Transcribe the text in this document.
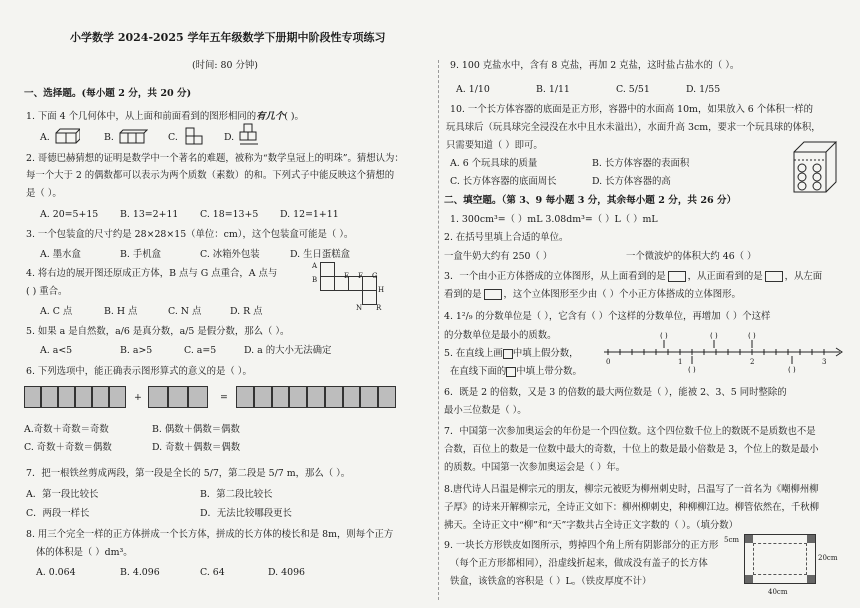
小学数学 2024-2025 学年五年级数学下册期中阶段性专项练习
(时间: 80 分钟)
一、选择题。(每小题 2 分，共 20 分)
1. 下面 4 个几何体中，从上面和前面看到的图形相同的有几个( )。
A.	B.	C.	D.
2. 哥德巴赫猜想的证明是数学中一个著名的难题，被称为“数学皇冠上的明珠”。猜想认为：
每一个大于 2 的偶数都可以表示为两个质数（素数）的和。下列式子中能反映这个猜想的
是（ ）。
A. 20=5+15 B. 13=2+11 C. 18=13+5 D. 12=1+11
3. 一个包装盒的尺寸约是 28×28×15（单位：cm），这个包装盒可能是（ ）。
A. 墨水盒	B. 手机盒	C. 冰箱外包装	D. 生日蛋糕盒
4. 将右边的展开图还原成正方体，B 点与 G 点重合，A 点与
( ) 重合。
A. C 点	B. H 点	C. N 点	D. R 点
A
B	E F G
H
N R
5. 如果 a 是自然数，a/6 是真分数，a/5 是假分数，那么（ ）。
A. a<5	B. a>5	C. a=5	D. a 的大小无法确定
6. 下列选项中，能正确表示图形算式的意义的是（ ）。
+	=
A.奇数＋奇数＝奇数	B. 偶数＋偶数＝偶数
C. 奇数＋奇数＝偶数	D. 奇数＋偶数＝偶数
7．把一根铁丝剪成两段，第一段是全长的 5/7，第二段是 5/7 m，那么（ ）。
A．第一段比较长	B．第二段比较长
C．两段一样长	D．无法比较哪段更长
8. 用三个完全一样的正方体拼成一个长方体，拼成的长方体的棱长和是 8m，则每个正方
体的体积是（ ）dm³。
A. 0.064	B. 4.096	C. 64	D. 4096
9. 100 克盐水中，含有 8 克盐，再加 2 克盐，这时盐占盐水的（ ）。
A. 1/10	B. 1/11	C. 5/51	D. 1/55
10. 一个长方体容器的底面是正方形，容器中的水面高 10m，如果放入 6 个体积一样的
玩具球后（玩具球完全浸没在水中且水未溢出），水面升高 3cm，要求一个玩具球的体积，
只需要知道（ ）即可。
A. 6 个玩具球的质量	B. 长方体容器的表面积
C. 长方体容器的底面周长	D. 长方体容器的高
二、填空题。（第 3、9 每小题 3 分，其余每小题 2 分，共 26 分）
1. 300cm³=（ ）mL 3.08dm³=（ ）L（ ）mL
2. 在括号里填上合适的单位。
一盒牛奶大约有 250（ ）	一个微波炉的体积大约 46（ ）
3．一个由小正方体搭成的立体图形，从上面看到的是 ，从正面看到的是 ，从左面
看到的是 ，这个立体图形至少由（ ）个小正方体搭成的立体图形。
4. 1²/₉ 的分数单位是（ ），它含有（ ）个这样的分数单位，再增加（ ）个这样
的分数单位是最小的质数。
5. 在直线上画 中填上假分数，
在直线下面的 中填上带分数。
( )	( )	( )
( )	( )
0	1	2	3
6．既是 2 的倍数，又是 3 的倍数的最大两位数是（ ），能被 2、3、5 同时整除的
最小三位数是（ ）。
7．中国第一次参加奥运会的年份是一个四位数。这个四位数千位上的数既不是质数也不是
合数，百位上的数是一位数中最大的奇数，十位上的数是最小倍数是 3，个位上的数是最小
的质数。中国第一次参加奥运会是（ ）年。
8.唐代诗人吕温是柳宗元的朋友，柳宗元被贬为柳州刺史时，吕温写了一首名为《嘲柳州柳
子厚》的诗来开解柳宗元，全诗正文如下：柳州柳刺史，种柳柳江边。柳管依然在，千秋柳
拂天。全诗正文中“柳”和“天”字数共占全诗正文字数的（ ）。（填分数）
9. 一块长方形铁皮如图所示，剪掉四个角上所有阴影部分的正方形
（每个正方形都相同），沿虚线折起来，做成没有盖子的长方体
铁盒，该铁盒的容积是（ ）L。（铁皮厚度不计）
5cm
20cm
40cm
